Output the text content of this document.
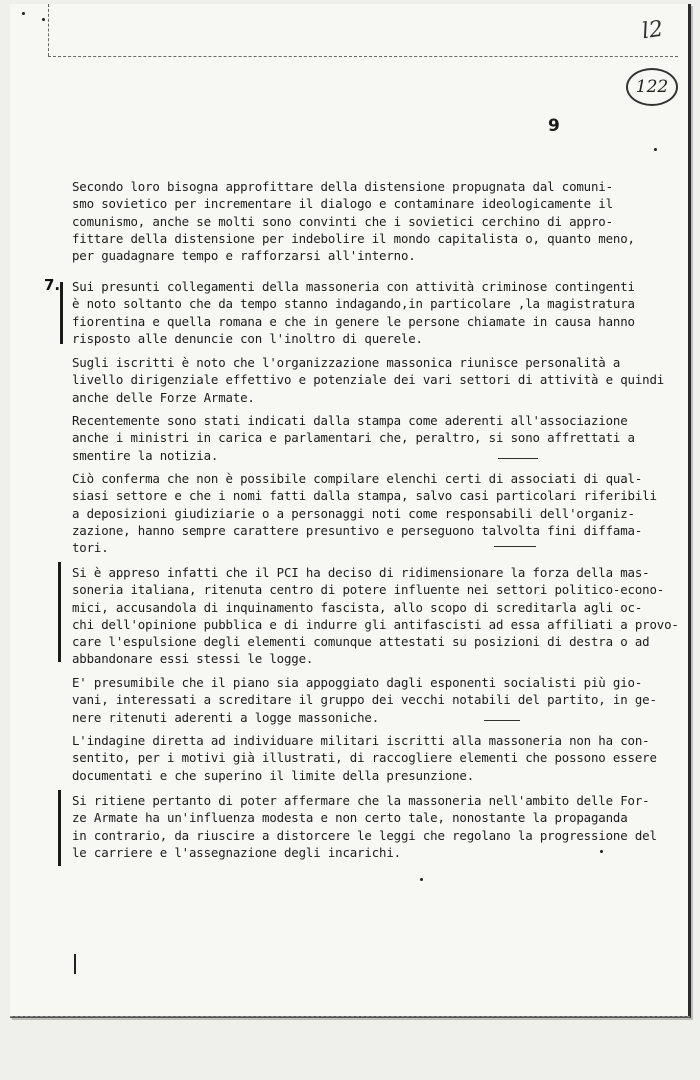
l2
122
9
7.
Secondo loro bisogna approfittare della distensione propugnata dal comuni-
smo sovietico per incrementare il dialogo e contaminare ideologicamente il
comunismo, anche se molti sono convinti che i sovietici cerchino di appro-
fittare della distensione per indebolire il mondo capitalista o, quanto meno,
per guadagnare tempo e rafforzarsi all'interno.
Sui presunti collegamenti della massoneria con attività criminose contingenti
è noto soltanto che da tempo stanno indagando,in particolare ,la magistratura
fiorentina e quella romana e che in genere le persone chiamate in causa hanno
risposto alle denuncie con l'inoltro di querele.
Sugli iscritti è noto che l'organizzazione massonica riunisce personalità a
livello dirigenziale effettivo e potenziale dei vari settori di attività e quindi
anche delle Forze Armate.
Recentemente sono stati indicati dalla stampa come aderenti all'associazione
anche i ministri in carica e parlamentari che, peraltro, si sono affrettati a
smentire la notizia.
Ciò conferma che non è possibile compilare elenchi certi di associati di qual-
siasi settore e che i nomi fatti dalla stampa, salvo casi particolari riferibili
a deposizioni giudiziarie o a personaggi noti come responsabili dell'organiz-
zazione, hanno sempre carattere presuntivo e perseguono talvolta fini diffama-
tori.
Si è appreso infatti che il PCI ha deciso di ridimensionare la forza della mas-
soneria italiana, ritenuta centro di potere influente nei settori politico-econo-
mici, accusandola di inquinamento fascista, allo scopo di screditarla agli oc-
chi dell'opinione pubblica e di indurre gli antifascisti ad essa affiliati a provo-
care l'espulsione degli elementi comunque attestati su posizioni di destra o ad
abbandonare essi stessi le logge.
E' presumibile che il piano sia appoggiato dagli esponenti socialisti più gio-
vani, interessati a screditare il gruppo dei vecchi notabili del partito, in ge-
nere ritenuti aderenti a logge massoniche.
L'indagine diretta ad individuare militari iscritti alla massoneria non ha con-
sentito, per i motivi già illustrati, di raccogliere elementi che possono essere
documentati e che superino il limite della presunzione.
Si ritiene pertanto di poter affermare che la massoneria nell'ambito delle For-
ze Armate ha un'influenza modesta e non certo tale, nonostante la propaganda
in contrario, da riuscire a distorcere le leggi che regolano la progressione del
le carriere e l'assegnazione degli incarichi.
